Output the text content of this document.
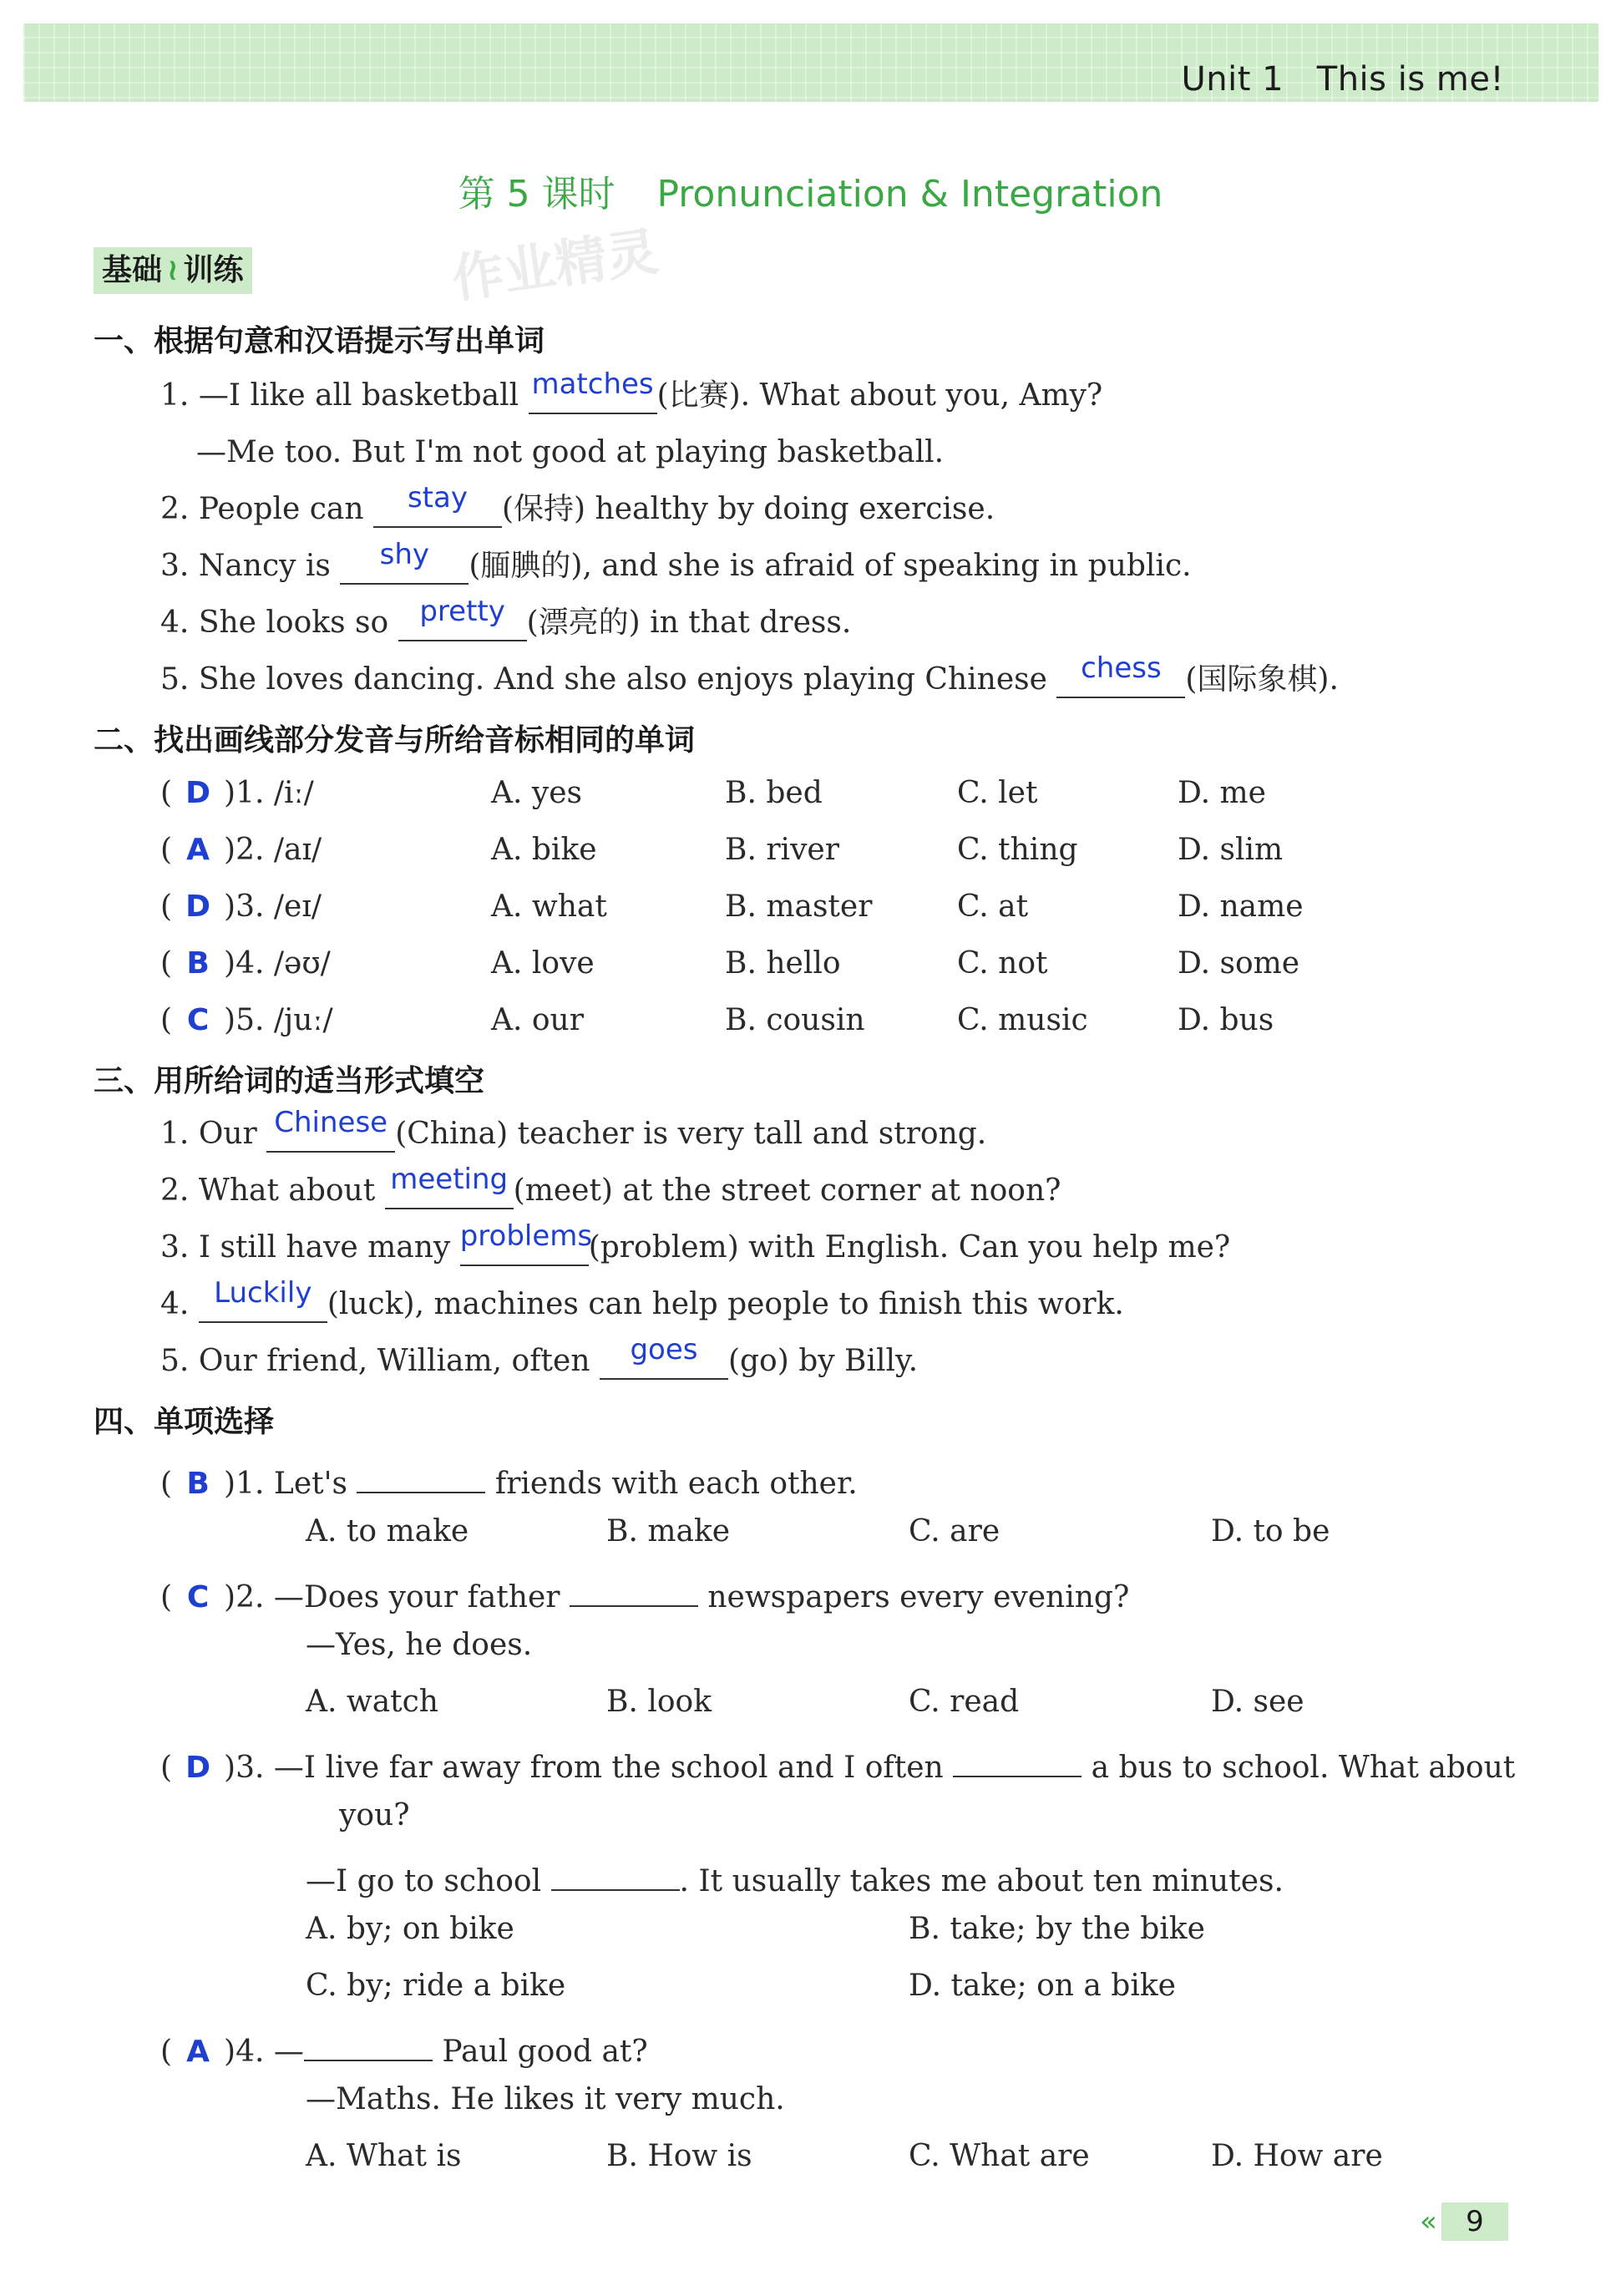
Unit 1 This is me!
第 5 课时 Pronunciation & Integration
作业精灵
基础 ≀ 训练
一、根据句意和汉语提示写出单词
1. —I like all basketball matches (比赛). What about you, Amy?
—Me too. But I'm not good at playing basketball.
2. People can stay (保持) healthy by doing exercise.
3. Nancy is shy (腼腆的), and she is afraid of speaking in public.
4. She looks so pretty (漂亮的) in that dress.
5. She loves dancing. And she also enjoys playing Chinese chess (国际象棋).
二、找出画线部分发音与所给音标相同的单词
( D )1. /iː/	A. yes	B. bed	C. let	D. me
( A )2. /aɪ/	A. bike	B. river	C. thing	D. slim
( D )3. /eɪ/	A. what	B. master	C. at	D. name
( B )4. /əʊ/	A. love	B. hello	C. not	D. some
( C )5. /juː/	A. our	B. cousin	C. music	D. bus
三、用所给词的适当形式填空
1. Our Chinese (China) teacher is very tall and strong.
2. What about meeting (meet) at the street corner at noon?
3. I still have many problems(problem) with English. Can you help me?
4. Luckily (luck), machines can help people to finish this work.
5. Our friend, William, often goes (go) by Billy.
四、单项选择
( B )1. Let's	friends with each other.
A. to make	B. make	C. are	D. to be
( C )2. —Does your father	newspapers every evening?
—Yes, he does.
A. watch	B. look	C. read	D. see
( D )3. —I live far away from the school and I often	a bus to school. What about
you?
—I go to school	. It usually takes me about ten minutes.
A. by; on bike	B. take; by the bike
C. by; ride a bike	D. take; on a bike
( A )4. —	Paul good at?
—Maths. He likes it very much.
A. What is	B. How is	C. What are	D. How are
« 9
